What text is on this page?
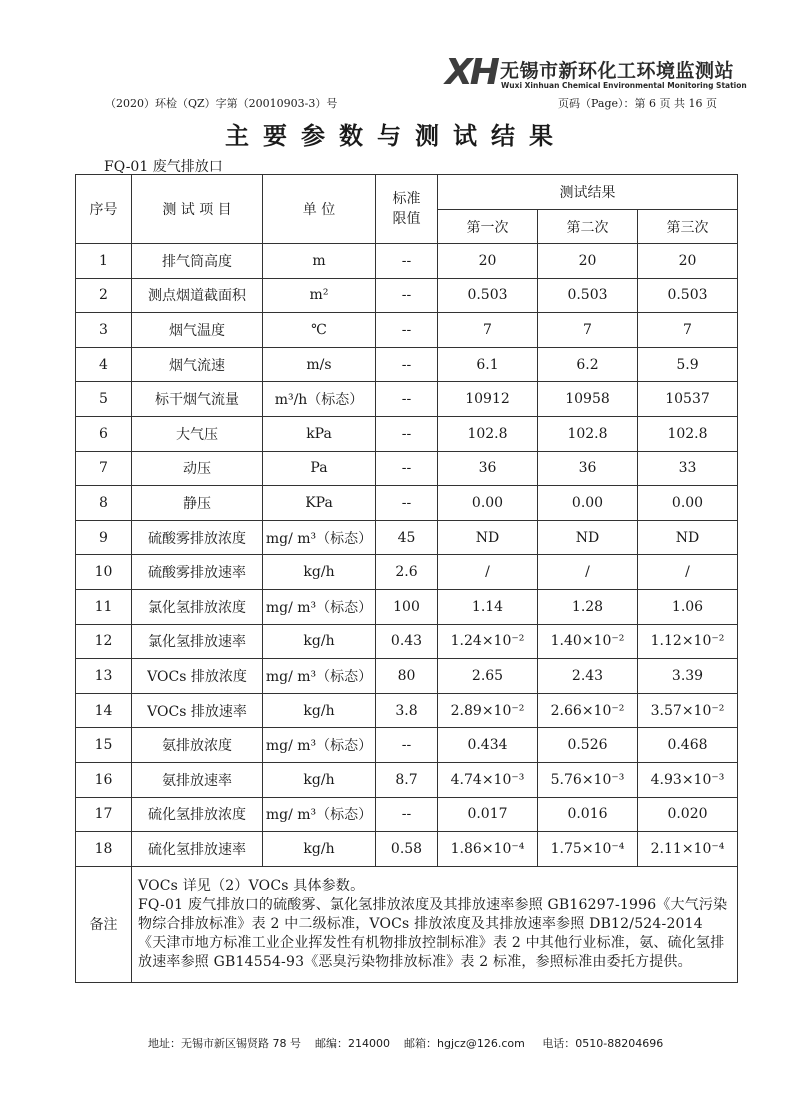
XH 无锡市新环化工环境监测站
Wuxi Xinhuan Chemical Environmental Monitoring Station
（2020）环检（QZ）字第（20010903-3）号	页码（Page）：第 6 页 共 16 页
主要参数与测试结果
FQ-01 废气排放口
序号	测 试 项 目	单 位	标准限值	测试结果		
				第一次	第二次	第三次
1	排气筒高度	m	--	20	20	20
2	测点烟道截面积	m²	--	0.503	0.503	0.503
3	烟气温度	℃	--	7	7	7
4	烟气流速	m/s	--	6.1	6.2	5.9
5	标干烟气流量	m³/h（标态）	--	10912	10958	10537
6	大气压	kPa	--	102.8	102.8	102.8
7	动压	Pa	--	36	36	33
8	静压	KPa	--	0.00	0.00	0.00
9	硫酸雾排放浓度	mg/ m³（标态）	45	ND	ND	ND
10	硫酸雾排放速率	kg/h	2.6	/	/	/
11	氯化氢排放浓度	mg/ m³（标态）	100	1.14	1.28	1.06
12	氯化氢排放速率	kg/h	0.43	1.24×10⁻²	1.40×10⁻²	1.12×10⁻²
13	VOCs 排放浓度	mg/ m³（标态）	80	2.65	2.43	3.39
14	VOCs 排放速率	kg/h	3.8	2.89×10⁻²	2.66×10⁻²	3.57×10⁻²
15	氨排放浓度	mg/ m³（标态）	--	0.434	0.526	0.468
16	氨排放速率	kg/h	8.7	4.74×10⁻³	5.76×10⁻³	4.93×10⁻³
17	硫化氢排放浓度	mg/ m³（标态）	--	0.017	0.016	0.020
18	硫化氢排放速率	kg/h	0.58	1.86×10⁻⁴	1.75×10⁻⁴	2.11×10⁻⁴
备注	VOCs 详见（2）VOCs 具体参数。
FQ-01 废气排放口的硫酸雾、氯化氢排放浓度及其排放速率参照 GB16297-1996《大气污染物综合排放标准》表 2 中二级标准，VOCs 排放浓度及其排放速率参照 DB12/524-2014《天津市地方标准工业企业挥发性有机物排放控制标准》表 2 中其他行业标准，氨、硫化氢排放速率参照 GB14554-93《恶臭污染物排放标准》表 2 标准，参照标准由委托方提供。					
地址：无锡市新区锡贤路 78 号 邮编：214000 邮箱：hgjcz@126.com 电话：0510-88204696
